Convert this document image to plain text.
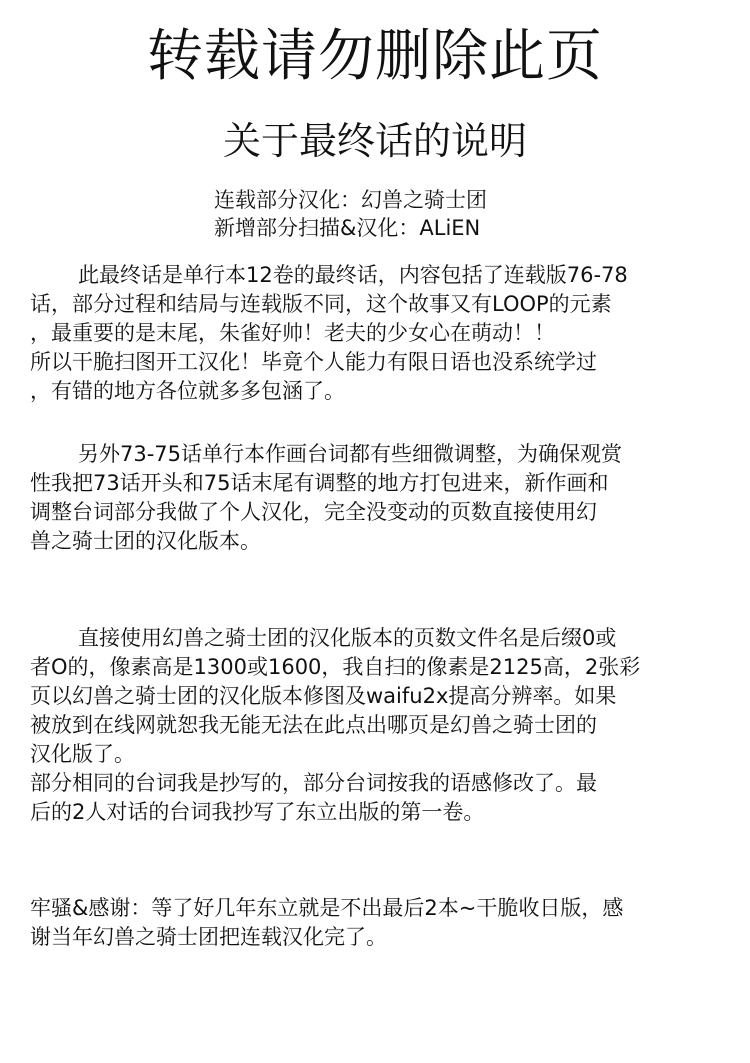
转载请勿删除此页
关于最终话的说明
连载部分汉化：幻兽之骑士团
新增部分扫描&汉化：ALiEN
此最终话是单行本12卷的最终话，内容包括了连载版76-78
话，部分过程和结局与连载版不同，这个故事又有LOOP的元素
，最重要的是末尾，朱雀好帅！老夫的少女心在萌动！！
所以干脆扫图开工汉化！毕竟个人能力有限日语也没系统学过
，有错的地方各位就多多包涵了。
另外73-75话单行本作画台词都有些细微调整，为确保观赏
性我把73话开头和75话末尾有调整的地方打包进来，新作画和
调整台词部分我做了个人汉化，完全没变动的页数直接使用幻
兽之骑士团的汉化版本。
直接使用幻兽之骑士团的汉化版本的页数文件名是后缀0或
者O的，像素高是1300或1600，我自扫的像素是2125高，2张彩
页以幻兽之骑士团的汉化版本修图及waifu2x提高分辨率。如果
被放到在线网就恕我无能无法在此点出哪页是幻兽之骑士团的
汉化版了。
部分相同的台词我是抄写的，部分台词按我的语感修改了。最
后的2人对话的台词我抄写了东立出版的第一卷。
牢骚&感谢：等了好几年东立就是不出最后2本~干脆收日版，感
谢当年幻兽之骑士团把连载汉化完了。
